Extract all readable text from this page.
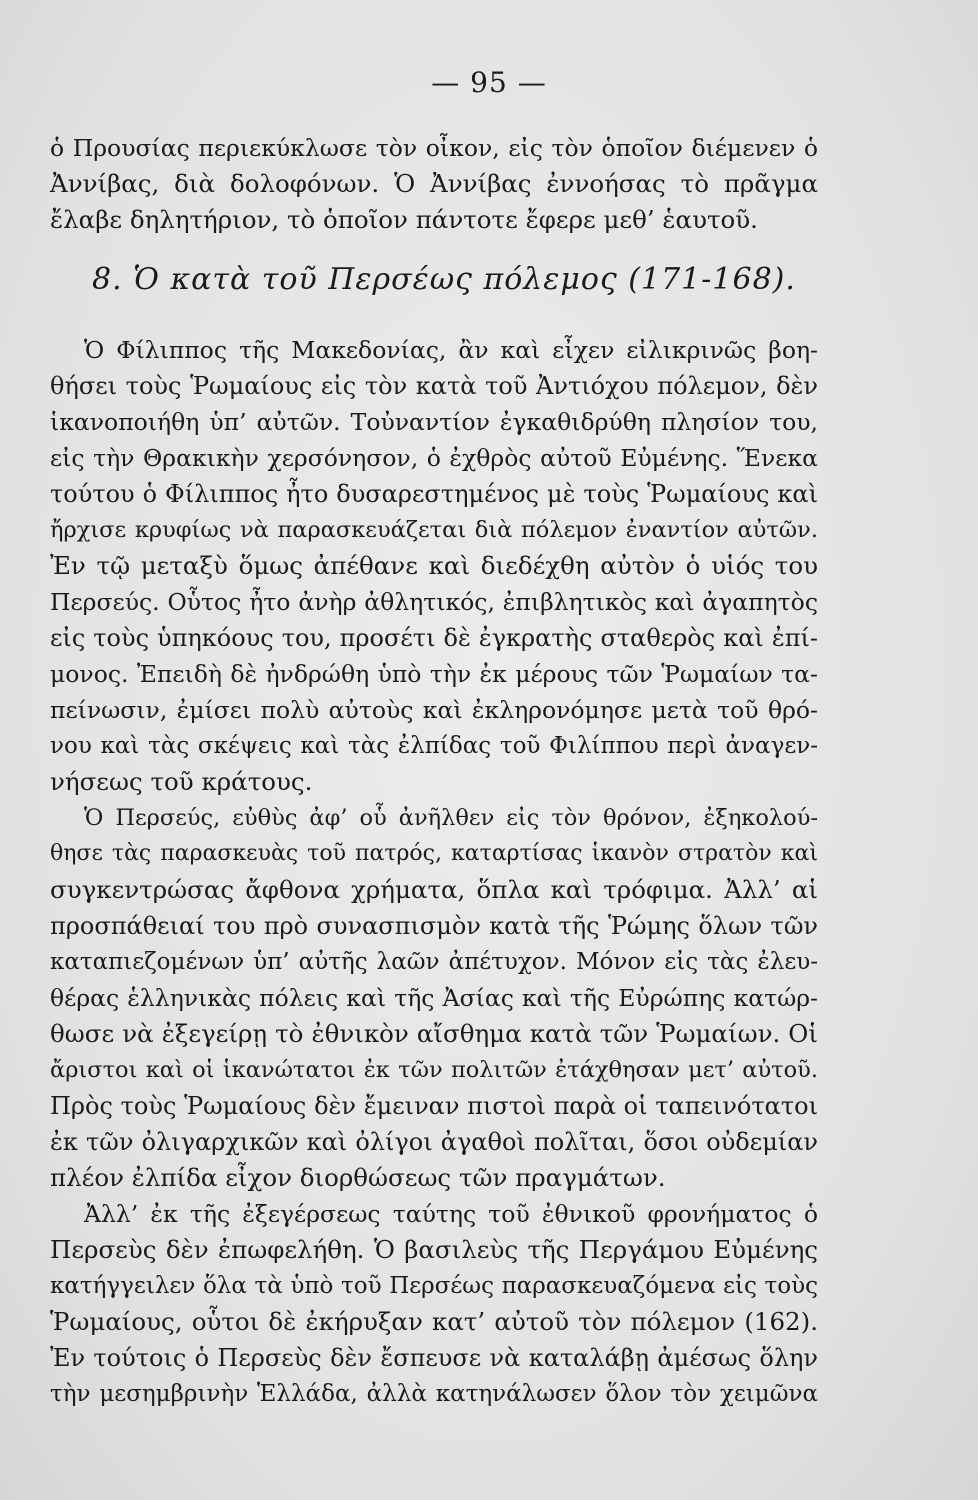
— 95 —
ὁ Προυσίας περιεκύκλωσε τὸν οἶκον, εἰς τὸν ὁποῖον διέμενεν ὁ
Ἀννίβας, διὰ δολοφόνων. Ὁ Ἀννίβας ἐννοήσας τὸ πρᾶγμα
ἔλαβε δηλητήριον, τὸ ὁποῖον πάντοτε ἔφερε μεθ’ ἑαυτοῦ.
8. Ὁ κατὰ τοῦ Περσέως πόλεμος (171-168).
Ὁ Φίλιππος τῆς Μακεδονίας, ἂν καὶ εἶχεν εἰλικρινῶς βοη-
θήσει τοὺς Ῥωμαίους εἰς τὸν κατὰ τοῦ Ἀντιόχου πόλεμον, δὲν
ἱκανοποιήθη ὑπ’ αὐτῶν. Τοὐναντίον ἐγκαθιδρύθη πλησίον του,
εἰς τὴν Θρακικὴν χερσόνησον, ὁ ἐχθρὸς αὐτοῦ Εὐμένης. Ἕνεκα
τούτου ὁ Φίλιππος ἦτο δυσαρεστημένος μὲ τοὺς Ῥωμαίους καὶ
ἤρχισε κρυφίως νὰ παρασκευάζεται διὰ πόλεμον ἐναντίον αὐτῶν.
Ἐν τῷ μεταξὺ ὅμως ἀπέθανε καὶ διεδέχθη αὐτὸν ὁ υἱός του
Περσεύς. Οὗτος ἦτο ἀνὴρ ἀθλητικός, ἐπιβλητικὸς καὶ ἀγαπητὸς
εἰς τοὺς ὑπηκόους του, προσέτι δὲ ἐγκρατὴς σταθερὸς καὶ ἐπί-
μονος. Ἐπειδὴ δὲ ἠνδρώθη ὑπὸ τὴν ἐκ μέρους τῶν Ῥωμαίων τα-
πείνωσιν, ἐμίσει πολὺ αὐτοὺς καὶ ἐκληρονόμησε μετὰ τοῦ θρό-
νου καὶ τὰς σκέψεις καὶ τὰς ἐλπίδας τοῦ Φιλίππου περὶ ἀναγεν-
νήσεως τοῦ κράτους.
Ὁ Περσεύς, εὐθὺς ἀφ’ οὗ ἀνῆλθεν εἰς τὸν θρόνον, ἐξηκολού-
θησε τὰς παρασκευὰς τοῦ πατρός, καταρτίσας ἱκανὸν στρατὸν καὶ
συγκεντρώσας ἄφθονα χρήματα, ὅπλα καὶ τρόφιμα. Ἀλλ’ αἱ
προσπάθειαί του πρὸ συνασπισμὸν κατὰ τῆς Ῥώμης ὅλων τῶν
καταπιεζομένων ὑπ’ αὐτῆς λαῶν ἀπέτυχον. Μόνον εἰς τὰς ἐλευ-
θέρας ἑλληνικὰς πόλεις καὶ τῆς Ἀσίας καὶ τῆς Εὐρώπης κατώρ-
θωσε νὰ ἐξεγείρῃ τὸ ἐθνικὸν αἴσθημα κατὰ τῶν Ῥωμαίων. Οἱ
ἄριστοι καὶ οἱ ἱκανώτατοι ἐκ τῶν πολιτῶν ἐτάχθησαν μετ’ αὐτοῦ.
Πρὸς τοὺς Ῥωμαίους δὲν ἔμειναν πιστοὶ παρὰ οἱ ταπεινότατοι
ἐκ τῶν ὀλιγαρχικῶν καὶ ὀλίγοι ἀγαθοὶ πολῖται, ὅσοι οὐδεμίαν
πλέον ἐλπίδα εἶχον διορθώσεως τῶν πραγμάτων.
Ἀλλ’ ἐκ τῆς ἐξεγέρσεως ταύτης τοῦ ἐθνικοῦ φρονήματος ὁ
Περσεὺς δὲν ἐπωφελήθη. Ὁ βασιλεὺς τῆς Περγάμου Εὐμένης
κατήγγειλεν ὅλα τὰ ὑπὸ τοῦ Περσέως παρασκευαζόμενα εἰς τοὺς
Ῥωμαίους, οὗτοι δὲ ἐκήρυξαν κατ’ αὐτοῦ τὸν πόλεμον (162).
Ἐν τούτοις ὁ Περσεὺς δὲν ἔσπευσε νὰ καταλάβῃ ἀμέσως ὅλην
τὴν μεσημβρινὴν Ἑλλάδα, ἀλλὰ κατηνάλωσεν ὅλον τὸν χειμῶνα
